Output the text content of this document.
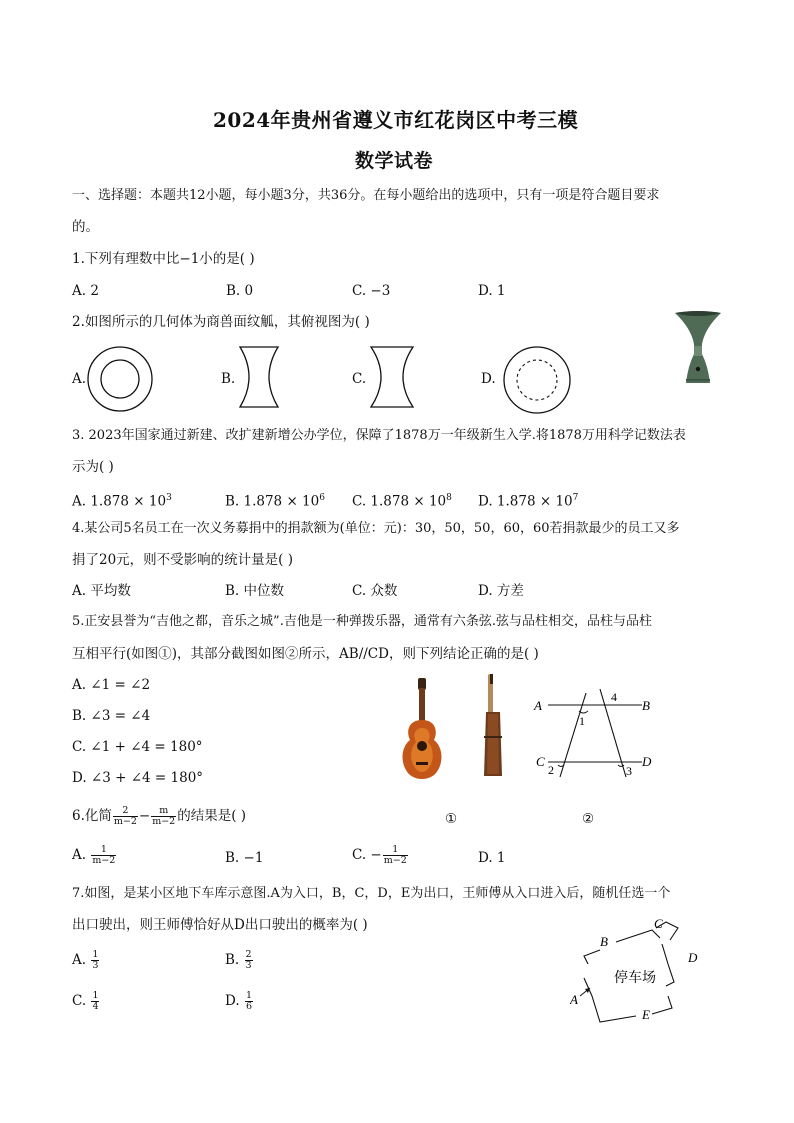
2024年贵州省遵义市红花岗区中考三模
数学试卷
一、选择题：本题共12小题，每小题3分，共36分。在每小题给出的选项中，只有一项是符合题目要求
的。
1.下列有理数中比−1小的是( )
A. 2	B. 0	C. −3	D. 1
2.如图所示的几何体为商兽面纹觚，其俯视图为( )
A.	B.	C.	D.
3. 2023年国家通过新建、改扩建新增公办学位，保障了1878万一年级新生入学.将1878万用科学记数法表
示为( )
A. $1.878 \times 10^3$	B. $1.878 \times 10^6$ C. $1.878 \times 10^8$ D. $1.878 \times 10^7$
4.某公司5名员工在一次义务募捐中的捐款额为(单位：元)：30，50，50，60，60若捐款最少的员工又多
捐了20元，则不受影响的统计量是( )
A. 平均数	B. 中位数	C. 众数	D. 方差
5.正安县誉为“吉他之都，音乐之城”.吉他是一种弹拨乐器，通常有六条弦.弦与品柱相交，品柱与品柱
互相平行(如图①)，其部分截图如图②所示，AB//CD，则下列结论正确的是( )
A. ∠1 = ∠2
B. ∠3 = ∠4
C. ∠1 + ∠4 = 180°
D. ∠3 + ∠4 = 180°
A	B
C	D
1
2	3
4
6.化简 $\frac{2}{m-2} - \frac{m}{m-2}$ 的结果是( )	①	②
A. $\frac{1}{m-2}$	B. −1	C. − $\frac{1}{m-2}$	D. 1
7.如图，是某小区地下车库示意图.A为入口，B，C，D，E为出口，王师傅从入口进入后，随机任选一个
出口驶出，则王师傅恰好从D出口驶出的概率为( )
A. $\frac{1}{3}$	B. $\frac{2}{3}$
C. $\frac{1}{4}$	D. $\frac{1}{6}$
停车场
A
B
C
D
E
